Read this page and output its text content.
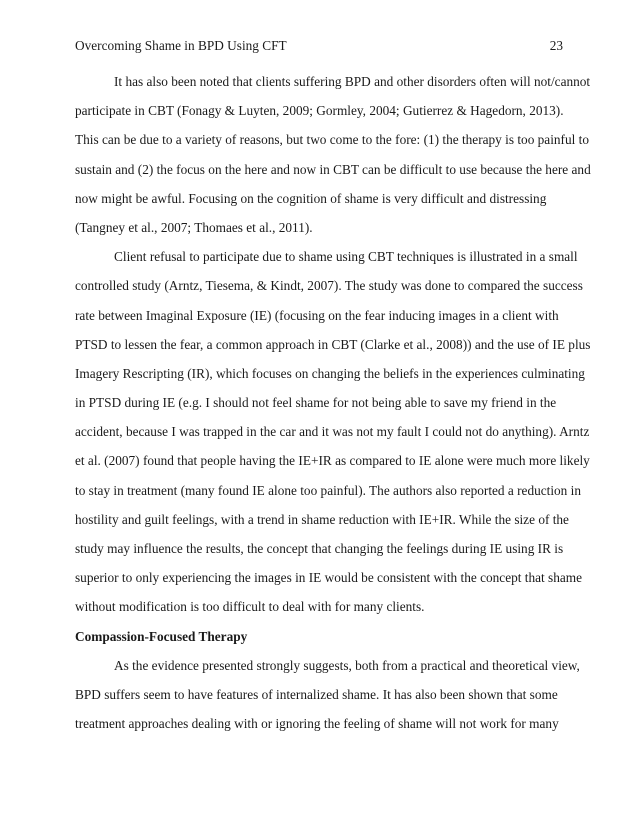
Overcoming Shame in BPD Using CFT	23
It has also been noted that clients suffering BPD and other disorders often will not/cannot
participate in CBT (Fonagy & Luyten, 2009; Gormley, 2004; Gutierrez & Hagedorn, 2013).
This can be due to a variety of reasons, but two come to the fore: (1) the therapy is too painful to
sustain and (2) the focus on the here and now in CBT can be difficult to use because the here and
now might be awful. Focusing on the cognition of shame is very difficult and distressing
(Tangney et al., 2007; Thomaes et al., 2011).
Client refusal to participate due to shame using CBT techniques is illustrated in a small
controlled study (Arntz, Tiesema, & Kindt, 2007). The study was done to compared the success
rate between Imaginal Exposure (IE) (focusing on the fear inducing images in a client with
PTSD to lessen the fear, a common approach in CBT (Clarke et al., 2008)) and the use of IE plus
Imagery Rescripting (IR), which focuses on changing the beliefs in the experiences culminating
in PTSD during IE (e.g. I should not feel shame for not being able to save my friend in the
accident, because I was trapped in the car and it was not my fault I could not do anything). Arntz
et al. (2007) found that people having the IE+IR as compared to IE alone were much more likely
to stay in treatment (many found IE alone too painful). The authors also reported a reduction in
hostility and guilt feelings, with a trend in shame reduction with IE+IR. While the size of the
study may influence the results, the concept that changing the feelings during IE using IR is
superior to only experiencing the images in IE would be consistent with the concept that shame
without modification is too difficult to deal with for many clients.
Compassion-Focused Therapy
As the evidence presented strongly suggests, both from a practical and theoretical view,
BPD suffers seem to have features of internalized shame. It has also been shown that some
treatment approaches dealing with or ignoring the feeling of shame will not work for many
